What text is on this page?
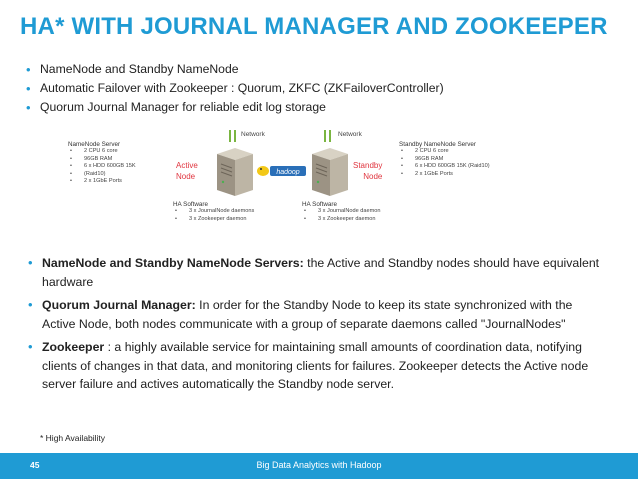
HA* WITH JOURNAL MANAGER AND ZOOKEEPER
• NameNode and Standby NameNode
• Automatic Failover with Zookeeper : Quorum, ZKFC (ZKFailoverController)
• Quorum Journal Manager for reliable edit log storage
NameNode Server
• 2 CPU 6 core
• 96GB RAM
• 6 x HDD 600GB 15K
• (Raid10)
• 2 x 1GbE Ports
Network	Network
Active
Node	hadoop
Standby
Node
Standby NameNode Server
• 2 CPU 6 core
• 96GB RAM
• 6 x HDD 600GB 15K (Raid10)
• 2 x 1GbE Ports
HA Software
• 3 x JournalNode daemons
• 3 x Zookeeper daemon
HA Software
• 3 x JournalNode daemon
• 3 x Zookeeper daemon
• NameNode and Standby NameNode Servers: the Active and Standby nodes should have equivalent hardware
• Quorum Journal Manager: In order for the Standby Node to keep its state synchronized with the Active Node, both nodes communicate with a group of separate daemons called "JournalNodes"
• Zookeeper : a highly available service for maintaining small amounts of coordination data, notifying clients of changes in that data, and monitoring clients for failures. Zookeeper detects the Active node server failure and actives automatically the Standby node server.
* High Availability
45	Big Data Analytics with Hadoop
